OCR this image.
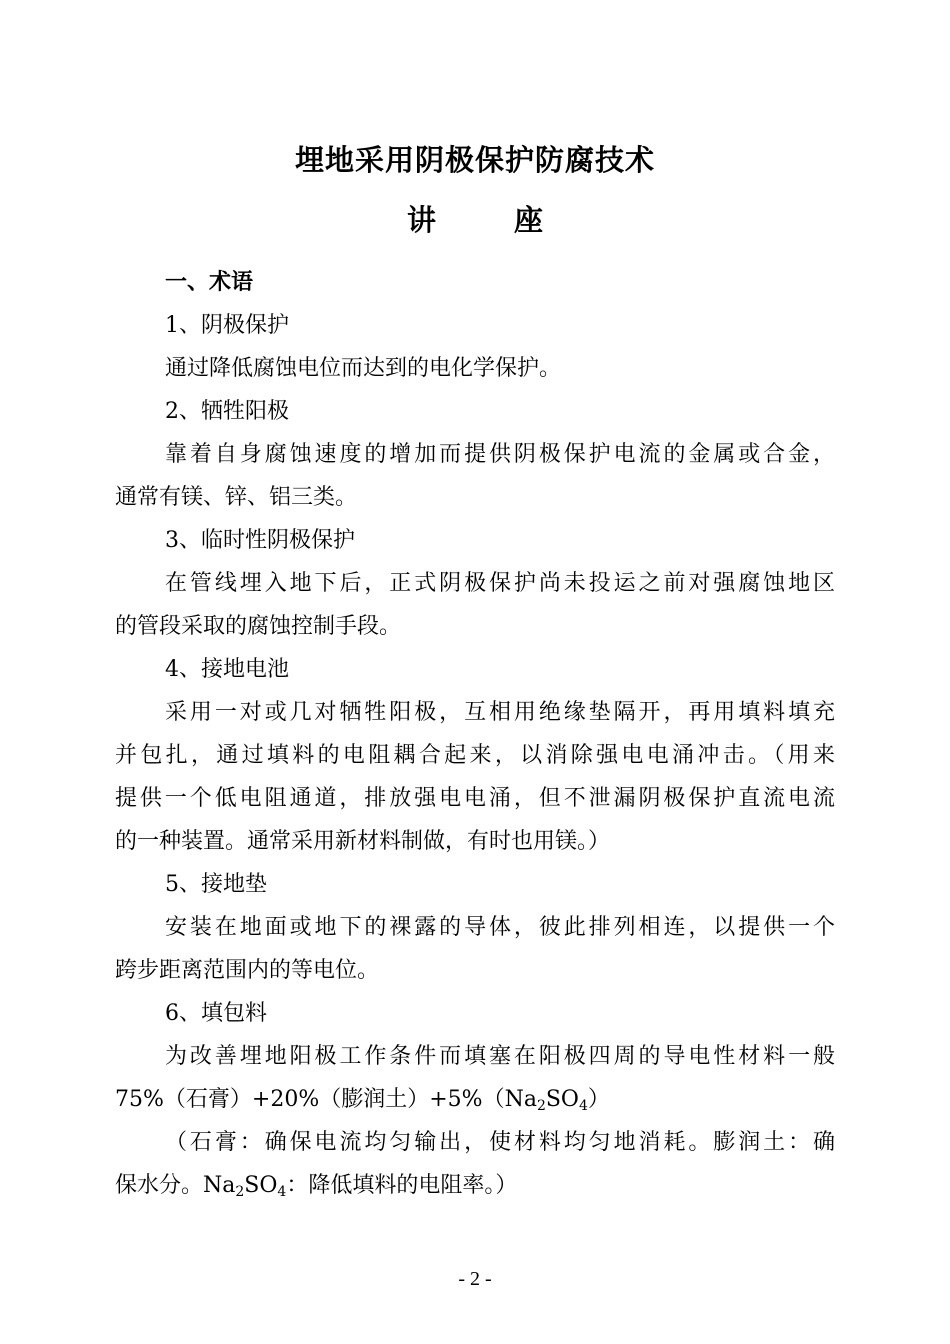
埋地采用阴极保护防腐技术
讲	座

一、术语

1、阴极保护

通过降低腐蚀电位而达到的电化学保护。

2、牺牲阳极

靠着自身腐蚀速度的增加而提供阴极保护电流的金属或合金，

通常有镁、锌、铝三类。

3、临时性阴极保护

在管线埋入地下后，正式阴极保护尚未投运之前对强腐蚀地区

的管段采取的腐蚀控制手段。

4、接地电池

采用一对或几对牺牲阳极，互相用绝缘垫隔开，再用填料填充

并包扎，通过填料的电阻耦合起来，以消除强电电涌冲击。（用来

提供一个低电阻通道，排放强电电涌，但不泄漏阴极保护直流电流

的一种装置。通常采用新材料制做，有时也用镁。）

5、接地垫

安装在地面或地下的裸露的导体，彼此排列相连，以提供一个

跨步距离范围内的等电位。

6、填包料

为改善埋地阳极工作条件而填塞在阳极四周的导电性材料一般

75%（石膏）+20%（膨润土）$+5\%(Na_2SO_4)$

（石膏：确保电流均匀输出，使材料均匀地消耗。膨润土：确

保水分。$Na_2SO_4$：降低填料的电阻率。）

- 2 -
